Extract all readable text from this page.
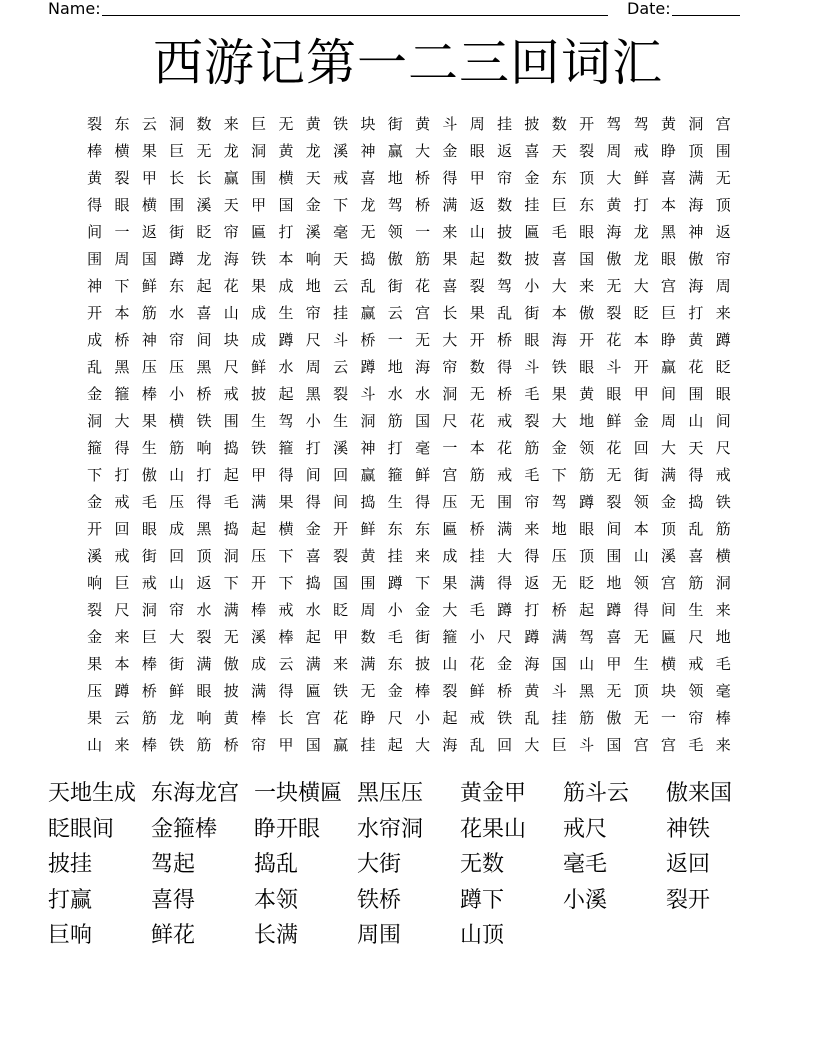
Name:	Date:
西游记第一二三回词汇
裂 东 云 洞 数 来 巨 无 黄 铁 块 街 黄 斗 周 挂 披 数 开 驾 驾 黄 洞 宫
棒 横 果 巨 无 龙 洞 黄 龙 溪 神 赢 大 金 眼 返 喜 天 裂 周 戒 睁 顶 围
黄 裂 甲 长 长 赢 围 横 天 戒 喜 地 桥 得 甲 帘 金 东 顶 大 鲜 喜 满 无
得 眼 横 围 溪 天 甲 国 金 下 龙 驾 桥 满 返 数 挂 巨 东 黄 打 本 海 顶
间 一 返 街 眨 帘 匾 打 溪 毫 无 领 一 来 山 披 匾 毛 眼 海 龙 黑 神 返
围 周 国 蹲 龙 海 铁 本 响 天 捣 傲 筋 果 起 数 披 喜 国 傲 龙 眼 傲 帘
神 下 鲜 东 起 花 果 成 地 云 乱 街 花 喜 裂 驾 小 大 来 无 大 宫 海 周
开 本 筋 水 喜 山 成 生 帘 挂 赢 云 宫 长 果 乱 街 本 傲 裂 眨 巨 打 来
成 桥 神 帘 间 块 成 蹲 尺 斗 桥 一 无 大 开 桥 眼 海 开 花 本 睁 黄 蹲
乱 黑 压 压 黑 尺 鲜 水 周 云 蹲 地 海 帘 数 得 斗 铁 眼 斗 开 赢 花 眨
金 箍 棒 小 桥 戒 披 起 黑 裂 斗 水 水 洞 无 桥 毛 果 黄 眼 甲 间 围 眼
洞 大 果 横 铁 围 生 驾 小 生 洞 筋 国 尺 花 戒 裂 大 地 鲜 金 周 山 间
箍 得 生 筋 响 捣 铁 箍 打 溪 神 打 毫 一 本 花 筋 金 领 花 回 大 天 尺
下 打 傲 山 打 起 甲 得 间 回 赢 箍 鲜 宫 筋 戒 毛 下 筋 无 街 满 得 戒
金 戒 毛 压 得 毛 满 果 得 间 捣 生 得 压 无 围 帘 驾 蹲 裂 领 金 捣 铁
开 回 眼 成 黑 捣 起 横 金 开 鲜 东 东 匾 桥 满 来 地 眼 间 本 顶 乱 筋
溪 戒 街 回 顶 洞 压 下 喜 裂 黄 挂 来 成 挂 大 得 压 顶 围 山 溪 喜 横
响 巨 戒 山 返 下 开 下 捣 国 围 蹲 下 果 满 得 返 无 眨 地 领 宫 筋 洞
裂 尺 洞 帘 水 满 棒 戒 水 眨 周 小 金 大 毛 蹲 打 桥 起 蹲 得 间 生 来
金 来 巨 大 裂 无 溪 棒 起 甲 数 毛 街 箍 小 尺 蹲 满 驾 喜 无 匾 尺 地
果 本 棒 街 满 傲 成 云 满 来 满 东 披 山 花 金 海 国 山 甲 生 横 戒 毛
压 蹲 桥 鲜 眼 披 满 得 匾 铁 无 金 棒 裂 鲜 桥 黄 斗 黑 无 顶 块 领 毫
果 云 筋 龙 响 黄 棒 长 宫 花 睁 尺 小 起 戒 铁 乱 挂 筋 傲 无 一 帘 棒
山 来 棒 铁 筋 桥 帘 甲 国 赢 挂 起 大 海 乱 回 大 巨 斗 国 宫 宫 毛 来
天地生成 东海龙宫 一块横匾 黑压压	黄金甲	筋斗云	傲来国
眨眼间	金箍棒	睁开眼	水帘洞	花果山	戒尺	神铁
披挂	驾起	捣乱	大街	无数	毫毛	返回
打赢	喜得	本领	铁桥	蹲下	小溪	裂开
巨响	鲜花	长满	周围	山顶
